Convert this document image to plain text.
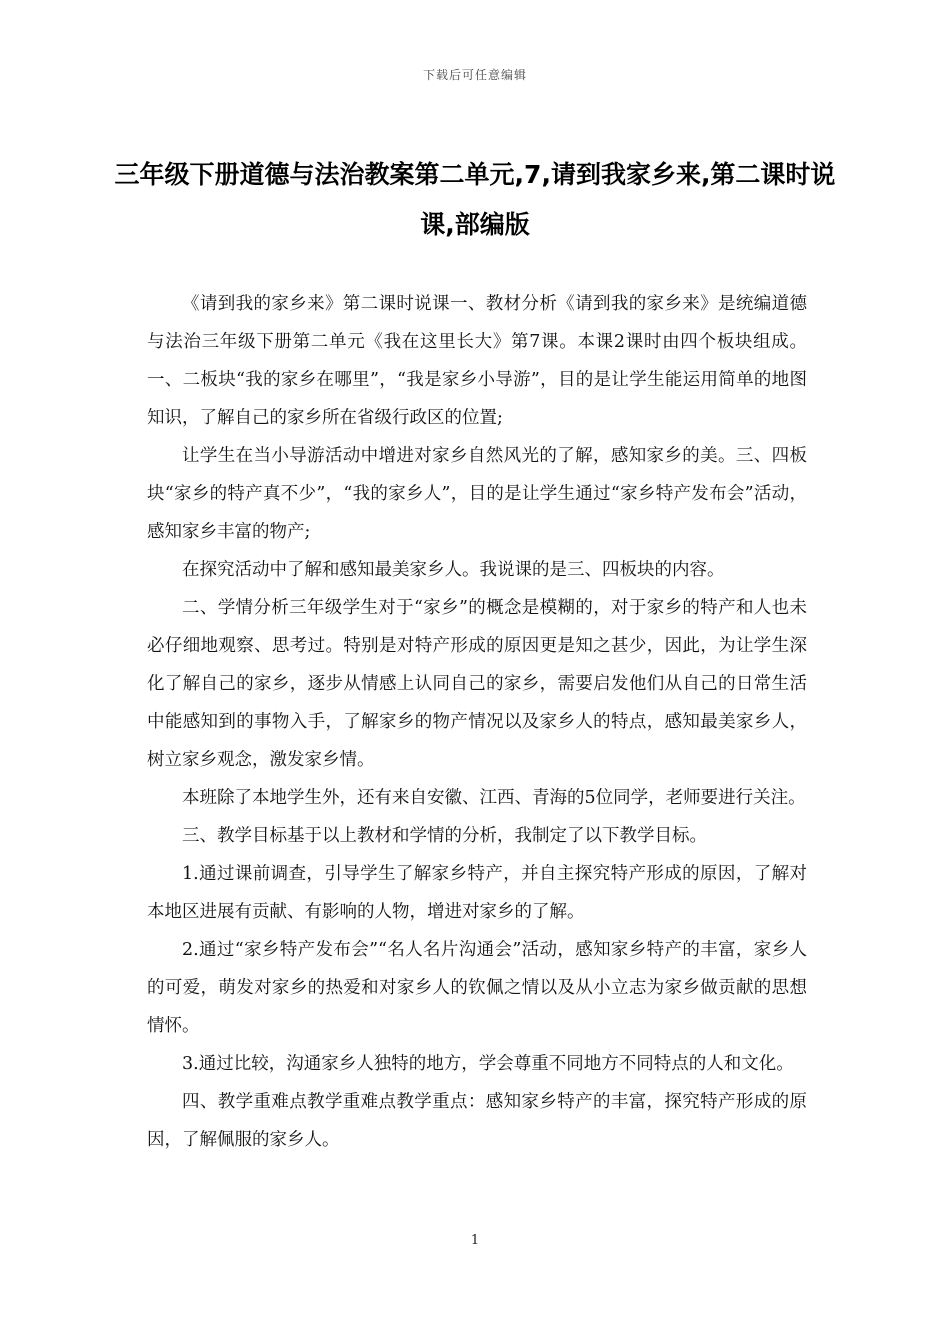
下载后可任意编辑
三年级下册道德与法治教案第二单元,7,请到我家乡来,第二课时说课,部编版

《请到我的家乡来》第二课时说课一、教材分析《请到我的家乡来》是统编道德与法治三年级下册第二单元《我在这里长大》第7课。本课2课时由四个板块组成。一、二板块“我的家乡在哪里”，“我是家乡小导游”，目的是让学生能运用简单的地图知识，了解自己的家乡所在省级行政区的位置;

让学生在当小导游活动中增进对家乡自然风光的了解，感知家乡的美。三、四板块“家乡的特产真不少”，“我的家乡人”，目的是让学生通过“家乡特产发布会”活动，感知家乡丰富的物产;

在探究活动中了解和感知最美家乡人。我说课的是三、四板块的内容。

二、学情分析三年级学生对于“家乡”的概念是模糊的，对于家乡的特产和人也未必仔细地观察、思考过。特别是对特产形成的原因更是知之甚少，因此，为让学生深化了解自己的家乡，逐步从情感上认同自己的家乡，需要启发他们从自己的日常生活中能感知到的事物入手，了解家乡的物产情况以及家乡人的特点，感知最美家乡人，树立家乡观念，激发家乡情。

本班除了本地学生外，还有来自安徽、江西、青海的5位同学，老师要进行关注。

三、教学目标基于以上教材和学情的分析，我制定了以下教学目标。

1.通过课前调查，引导学生了解家乡特产，并自主探究特产形成的原因，了解对本地区进展有贡献、有影响的人物，增进对家乡的了解。

2.通过“家乡特产发布会”“名人名片沟通会”活动，感知家乡特产的丰富，家乡人的可爱，萌发对家乡的热爱和对家乡人的钦佩之情以及从小立志为家乡做贡献的思想情怀。

3.通过比较，沟通家乡人独特的地方，学会尊重不同地方不同特点的人和文化。

四、教学重难点教学重难点教学重点：感知家乡特产的丰富，探究特产形成的原因，了解佩服的家乡人。

1
